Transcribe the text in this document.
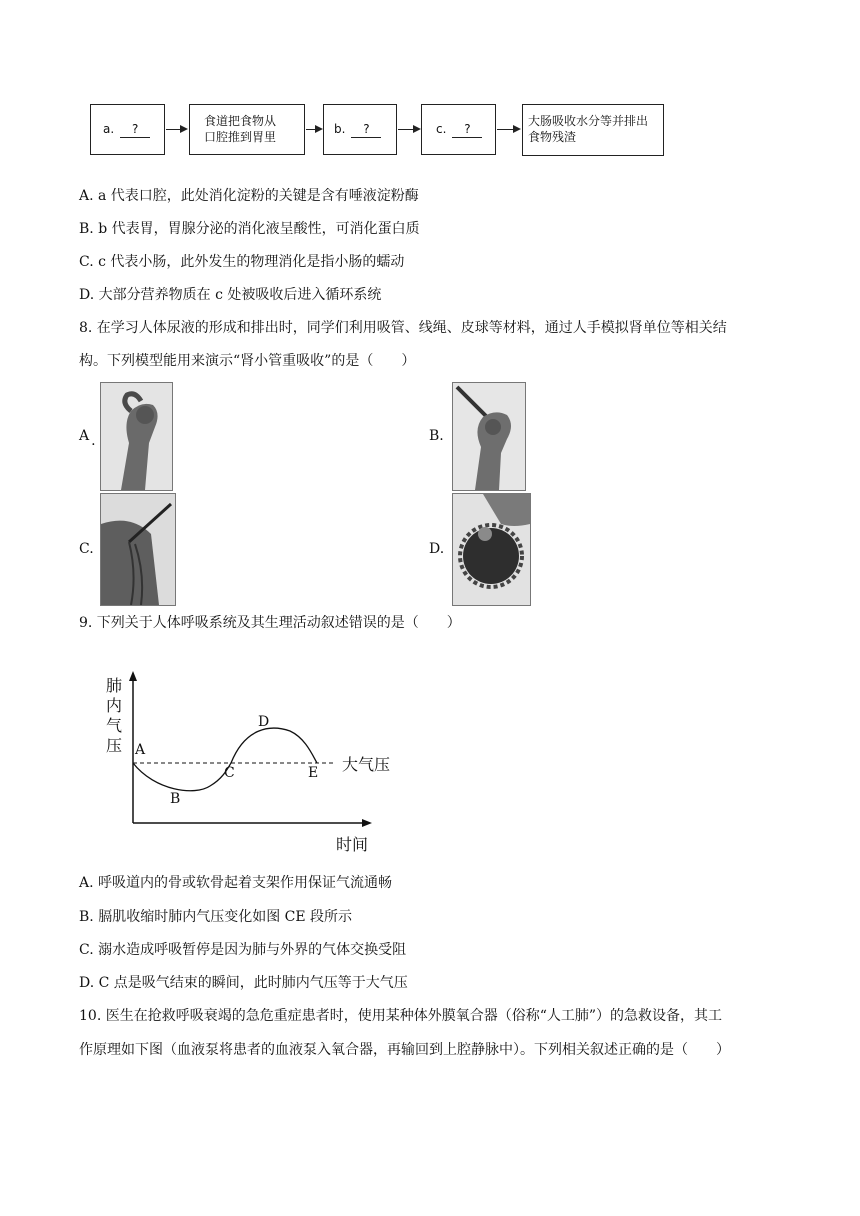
a. ?
食道把食物从
口腔推到胃里
b. ?	c. ?
大肠吸收水分等并排出
食物残渣
A. a 代表口腔，此处消化淀粉的关键是含有唾液淀粉酶
B. b 代表胃，胃腺分泌的消化液呈酸性，可消化蛋白质
C. c 代表小肠，此外发生的物理消化是指小肠的蠕动
D. 大部分营养物质在 c 处被吸收后进入循环系统
8. 在学习人体尿液的形成和排出时，同学们利用吸管、线绳、皮球等材料，通过人手模拟肾单位等相关结
构。下列模型能用来演示“肾小管重吸收”的是（　　）
A .	B.
C.	D.
9. 下列关于人体呼吸系统及其生理活动叙述错误的是（　　）
肺
内
气
压
时间
大气压
A
B
C
D
E
A. 呼吸道内的骨或软骨起着支架作用保证气流通畅
B. 膈肌收缩时肺内气压变化如图 CE 段所示
C. 溺水造成呼吸暂停是因为肺与外界的气体交换受阻
D. C 点是吸气结束的瞬间，此时肺内气压等于大气压
10. 医生在抢救呼吸衰竭的急危重症患者时，使用某种体外膜氧合器（俗称“人工肺”）的急救设备，其工
作原理如下图（血液泵将患者的血液泵入氧合器，再输回到上腔静脉中）。下列相关叙述正确的是（　　）
